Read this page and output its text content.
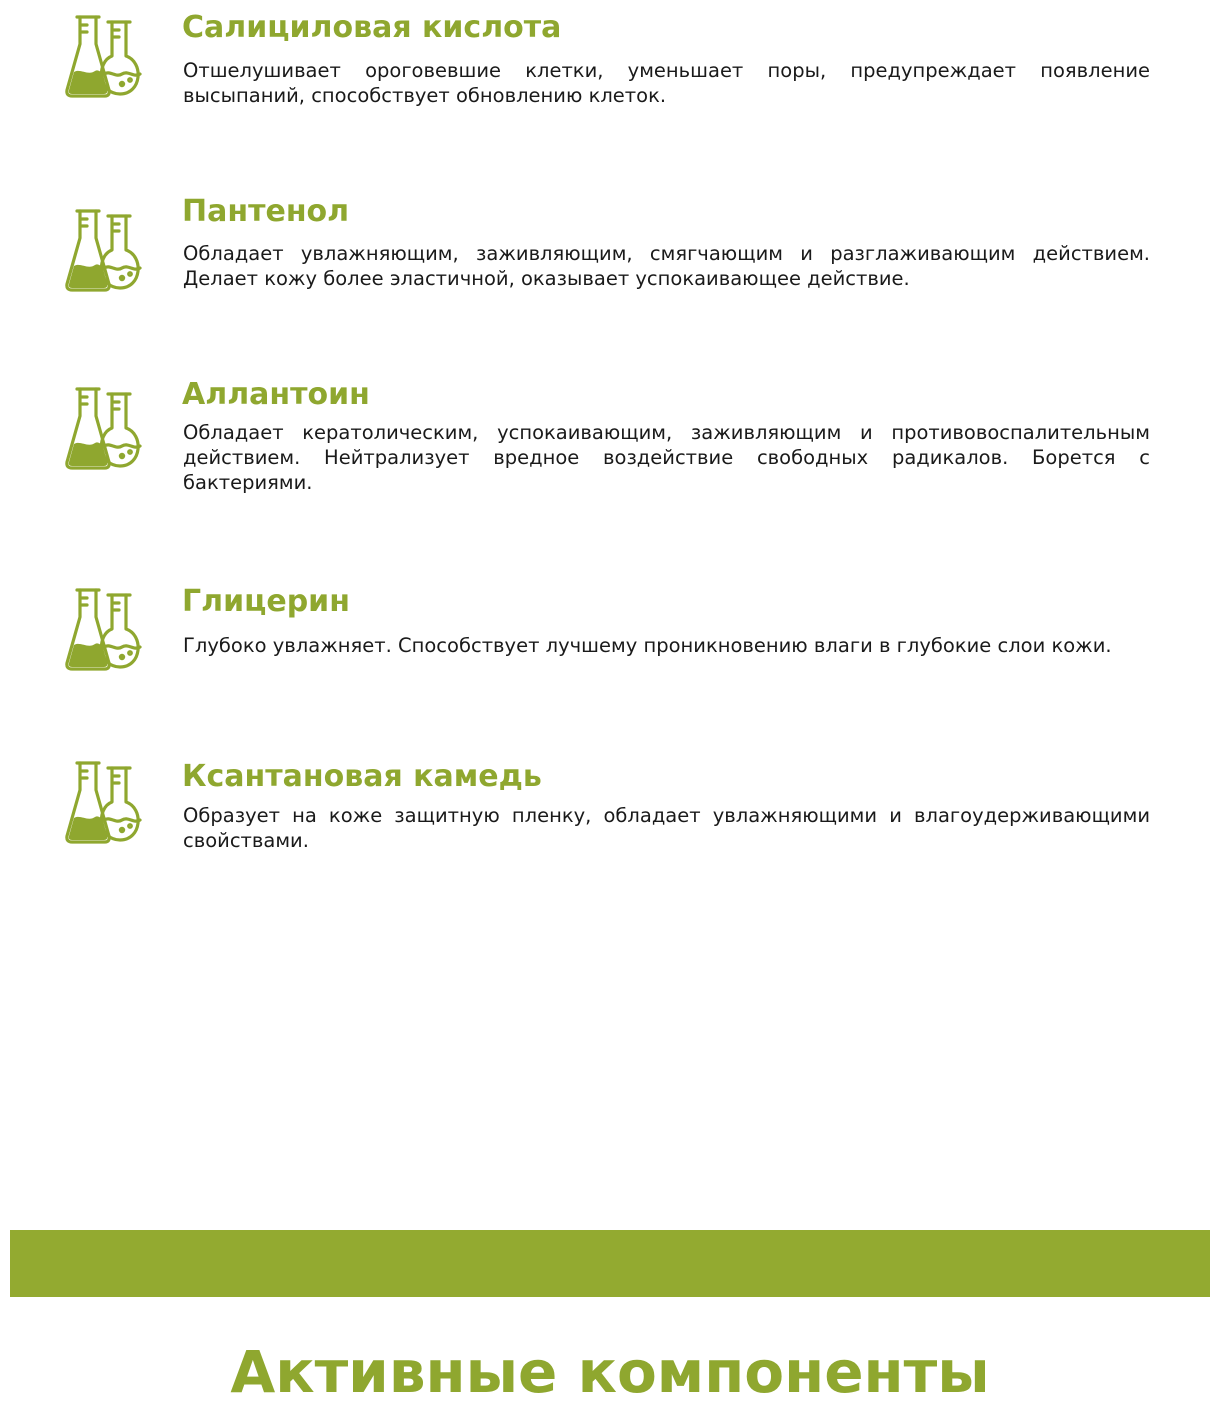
Салициловая кислота

Отшелушивает ороговевшие клетки, уменьшает поры, предупреждает появление высыпаний, способствует обновлению клеток.

Пантенол

Обладает увлажняющим, заживляющим, смягчающим и разглаживающим действием. Делает кожу более эластичной, оказывает успокаивающее действие.

Аллантоин

Обладает кератолическим, успокаивающим, заживляющим и противовоспалительным действием. Нейтрализует вредное воздействие свободных радикалов. Борется с бактериями.

Глицерин

Глубоко увлажняет. Способствует лучшему проникновению влаги в глубокие слои кожи.

Ксантановая камедь

Образует на коже защитную пленку, обладает увлажняющими и влагоудерживающими свойствами.

Активные компоненты
